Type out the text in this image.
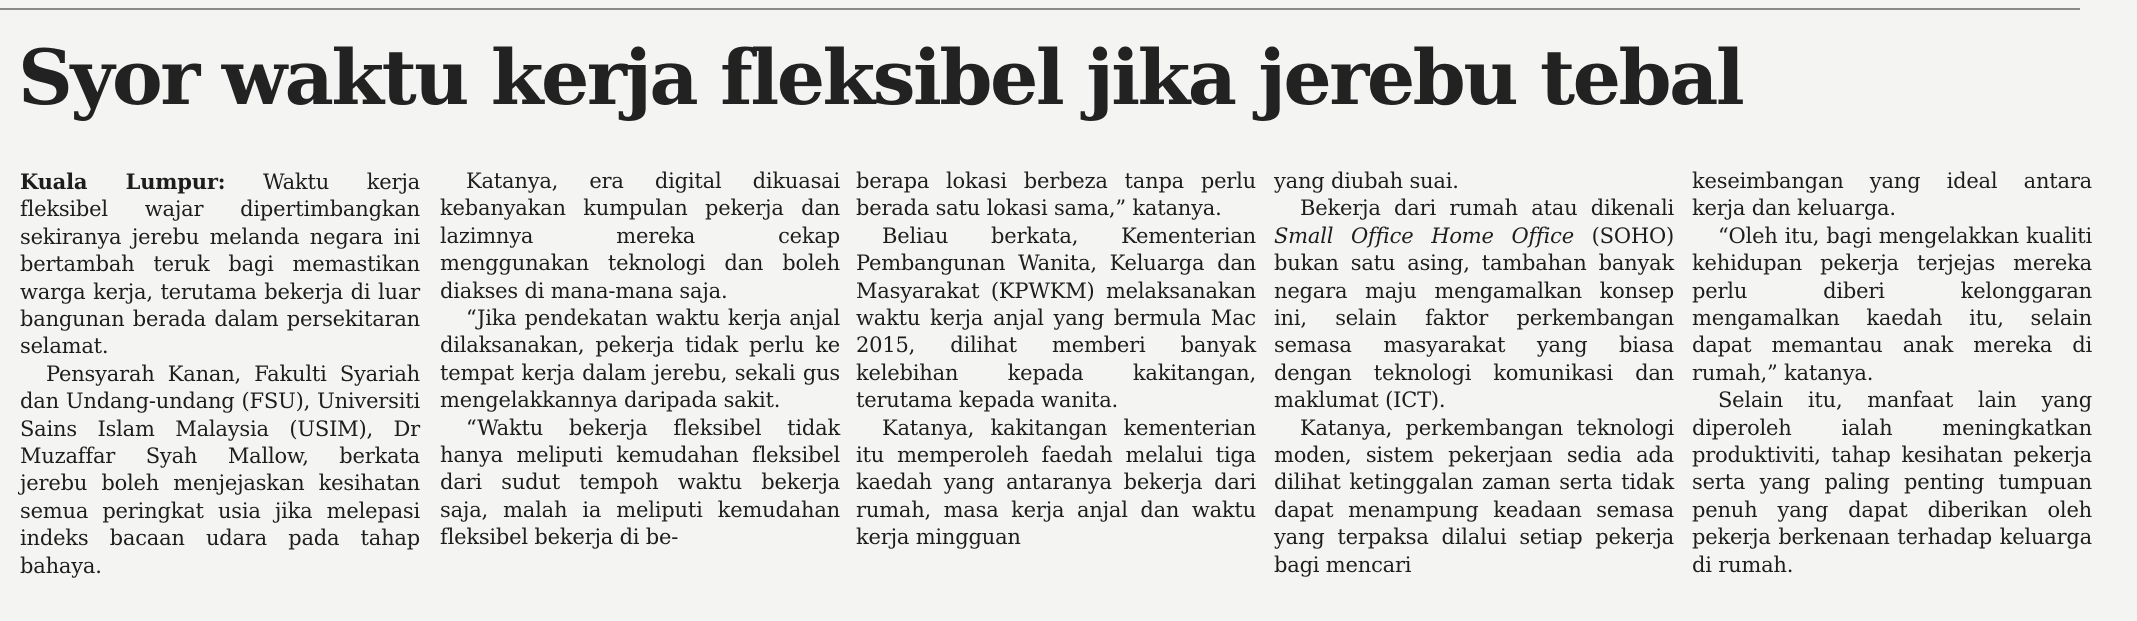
Syor waktu kerja fleksibel jika jerebu tebal

Kuala Lumpur: Waktu kerja fleksibel wajar dipertimbangkan sekiranya jerebu melanda negara ini bertambah teruk bagi memastikan warga kerja, terutama bekerja di luar bangunan berada dalam persekitaran selamat.

Pensyarah Kanan, Fakulti Syariah dan Undang-undang (FSU), Universiti Sains Islam Malaysia (USIM), Dr Muzaffar Syah Mallow, berkata jerebu boleh menjejaskan kesihatan semua peringkat usia jika melepasi indeks bacaan udara pada tahap bahaya.

Katanya, era digital dikuasai kebanyakan kumpulan pekerja dan lazimnya mereka cekap menggunakan teknologi dan boleh diakses di mana-mana saja.

“Jika pendekatan waktu kerja anjal dilaksanakan, pekerja tidak perlu ke tempat kerja dalam jerebu, sekali gus mengelakkannya daripada sakit.

“Waktu bekerja fleksibel tidak hanya meliputi kemudahan fleksibel dari sudut tempoh waktu bekerja saja, malah ia meliputi kemudahan fleksibel bekerja di be-

berapa lokasi berbeza tanpa perlu berada satu lokasi sama,” katanya.

Beliau berkata, Kementerian Pembangunan Wanita, Keluarga dan Masyarakat (KPWKM) melaksanakan waktu kerja anjal yang bermula Mac 2015, dilihat memberi banyak kelebihan kepada kakitangan, terutama kepada wanita.

Katanya, kakitangan kementerian itu memperoleh faedah melalui tiga kaedah yang antaranya bekerja dari rumah, masa kerja anjal dan waktu kerja mingguan

yang diubah suai.

Bekerja dari rumah atau dikenali Small Office Home Office (SOHO) bukan satu asing, tambahan banyak negara maju mengamalkan konsep ini, selain faktor perkembangan semasa masyarakat yang biasa dengan teknologi komunikasi dan maklumat (ICT).

Katanya, perkembangan teknologi moden, sistem pekerjaan sedia ada dilihat ketinggalan zaman serta tidak dapat menampung keadaan semasa yang terpaksa dilalui setiap pekerja bagi mencari

keseimbangan yang ideal antara kerja dan keluarga.

“Oleh itu, bagi mengelakkan kualiti kehidupan pekerja terjejas mereka perlu diberi kelonggaran mengamalkan kaedah itu, selain dapat memantau anak mereka di rumah,” katanya.

Selain itu, manfaat lain yang diperoleh ialah meningkatkan produktiviti, tahap kesihatan pekerja serta yang paling penting tumpuan penuh yang dapat diberikan oleh pekerja berkenaan terhadap keluarga di rumah.
